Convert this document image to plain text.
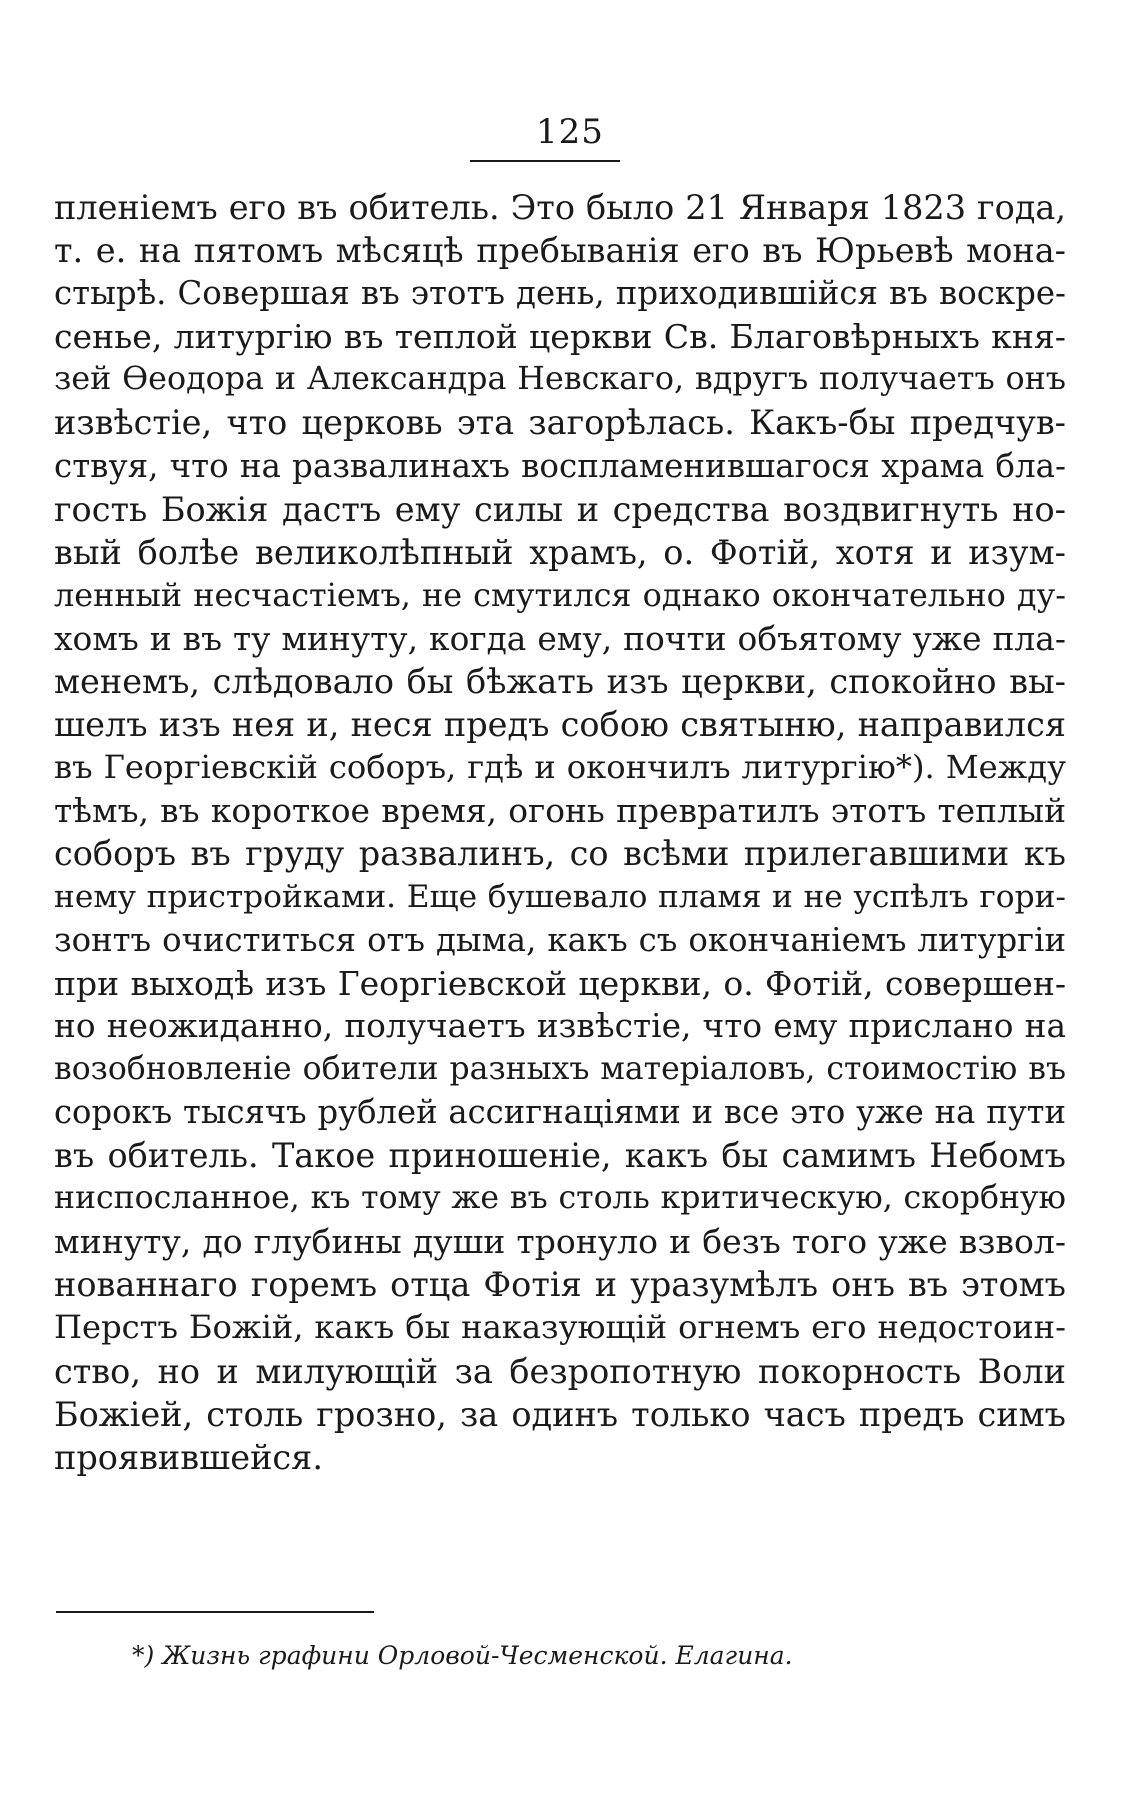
125
пленіемъ его въ обитель. Это было 21 Января 1823 года,
т. е. на пятомъ мѣсяцѣ пребыванія его въ Юрьевѣ мона-
стырѣ. Совершая въ этотъ день, приходившійся въ воскре-
сенье, литургію въ теплой церкви Св. Благовѣрныхъ кня-
зей Ѳеодора и Александра Невскаго, вдругъ получаетъ онъ
извѣстіе, что церковь эта загорѣлась. Какъ-бы предчув-
ствуя, что на развалинахъ воспламенившагося храма бла-
гость Божія дастъ ему силы и средства воздвигнуть но-
вый болѣе великолѣпный храмъ, о. Фотій, хотя и изум-
ленный несчастіемъ, не смутился однако окончательно ду-
хомъ и въ ту минуту, когда ему, почти объятому уже пла-
менемъ, слѣдовало бы бѣжать изъ церкви, спокойно вы-
шелъ изъ нея и, неся предъ собою святыню, направился
въ Георгіевскій соборъ, гдѣ и окончилъ литургію*). Между
тѣмъ, въ короткое время, огонь превратилъ этотъ теплый
соборъ въ груду развалинъ, со всѣми прилегавшими къ
нему пристройками. Еще бушевало пламя и не успѣлъ гори-
зонтъ очиститься отъ дыма, какъ съ окончаніемъ литургіи
при выходѣ изъ Георгіевской церкви, о. Фотій, совершен-
но неожиданно, получаетъ извѣстіе, что ему прислано на
возобновленіе обители разныхъ матеріаловъ, стоимостію въ
сорокъ тысячъ рублей ассигнаціями и все это уже на пути
въ обитель. Такое приношеніе, какъ бы самимъ Небомъ
ниспосланное, къ тому же въ столь критическую, скорбную
минуту, до глубины души тронуло и безъ того уже взвол-
нованнаго горемъ отца Фотія и уразумѣлъ онъ въ этомъ
Перстъ Божій, какъ бы наказующій огнемъ его недостоин-
ство, но и милующій за безропотную покорность Воли
Божіей, столь грозно, за одинъ только часъ предъ симъ
проявившейся.
*) Жизнь графини Орловой-Чесменской. Елагина.
